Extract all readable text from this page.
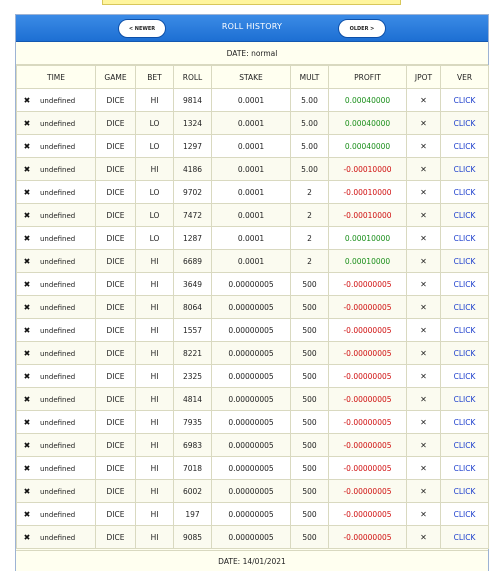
< NEWER	ROLL HISTORY	OLDER >
DATE: normal
TIME	GAME	BET	ROLL	STAKE	MULT	PROFIT	JPOT	VER
✖ undefined	DICE	HI	9814	0.0001	5.00	0.00040000	✕	CLICK
✖ undefined	DICE	LO	1324	0.0001	5.00	0.00040000	✕	CLICK
✖ undefined	DICE	LO	1297	0.0001	5.00	0.00040000	✕	CLICK
✖ undefined	DICE	HI	4186	0.0001	5.00	-0.00010000	✕	CLICK
✖ undefined	DICE	LO	9702	0.0001	2	-0.00010000	✕	CLICK
✖ undefined	DICE	LO	7472	0.0001	2	-0.00010000	✕	CLICK
✖ undefined	DICE	LO	1287	0.0001	2	0.00010000	✕	CLICK
✖ undefined	DICE	HI	6689	0.0001	2	0.00010000	✕	CLICK
✖ undefined	DICE	HI	3649	0.00000005	500	-0.00000005	✕	CLICK
✖ undefined	DICE	HI	8064	0.00000005	500	-0.00000005	✕	CLICK
✖ undefined	DICE	HI	1557	0.00000005	500	-0.00000005	✕	CLICK
✖ undefined	DICE	HI	8221	0.00000005	500	-0.00000005	✕	CLICK
✖ undefined	DICE	HI	2325	0.00000005	500	-0.00000005	✕	CLICK
✖ undefined	DICE	HI	4814	0.00000005	500	-0.00000005	✕	CLICK
✖ undefined	DICE	HI	7935	0.00000005	500	-0.00000005	✕	CLICK
✖ undefined	DICE	HI	6983	0.00000005	500	-0.00000005	✕	CLICK
✖ undefined	DICE	HI	7018	0.00000005	500	-0.00000005	✕	CLICK
✖ undefined	DICE	HI	6002	0.00000005	500	-0.00000005	✕	CLICK
✖ undefined	DICE	HI	197	0.00000005	500	-0.00000005	✕	CLICK
✖ undefined	DICE	HI	9085	0.00000005	500	-0.00000005	✕	CLICK
DATE: 14/01/2021
